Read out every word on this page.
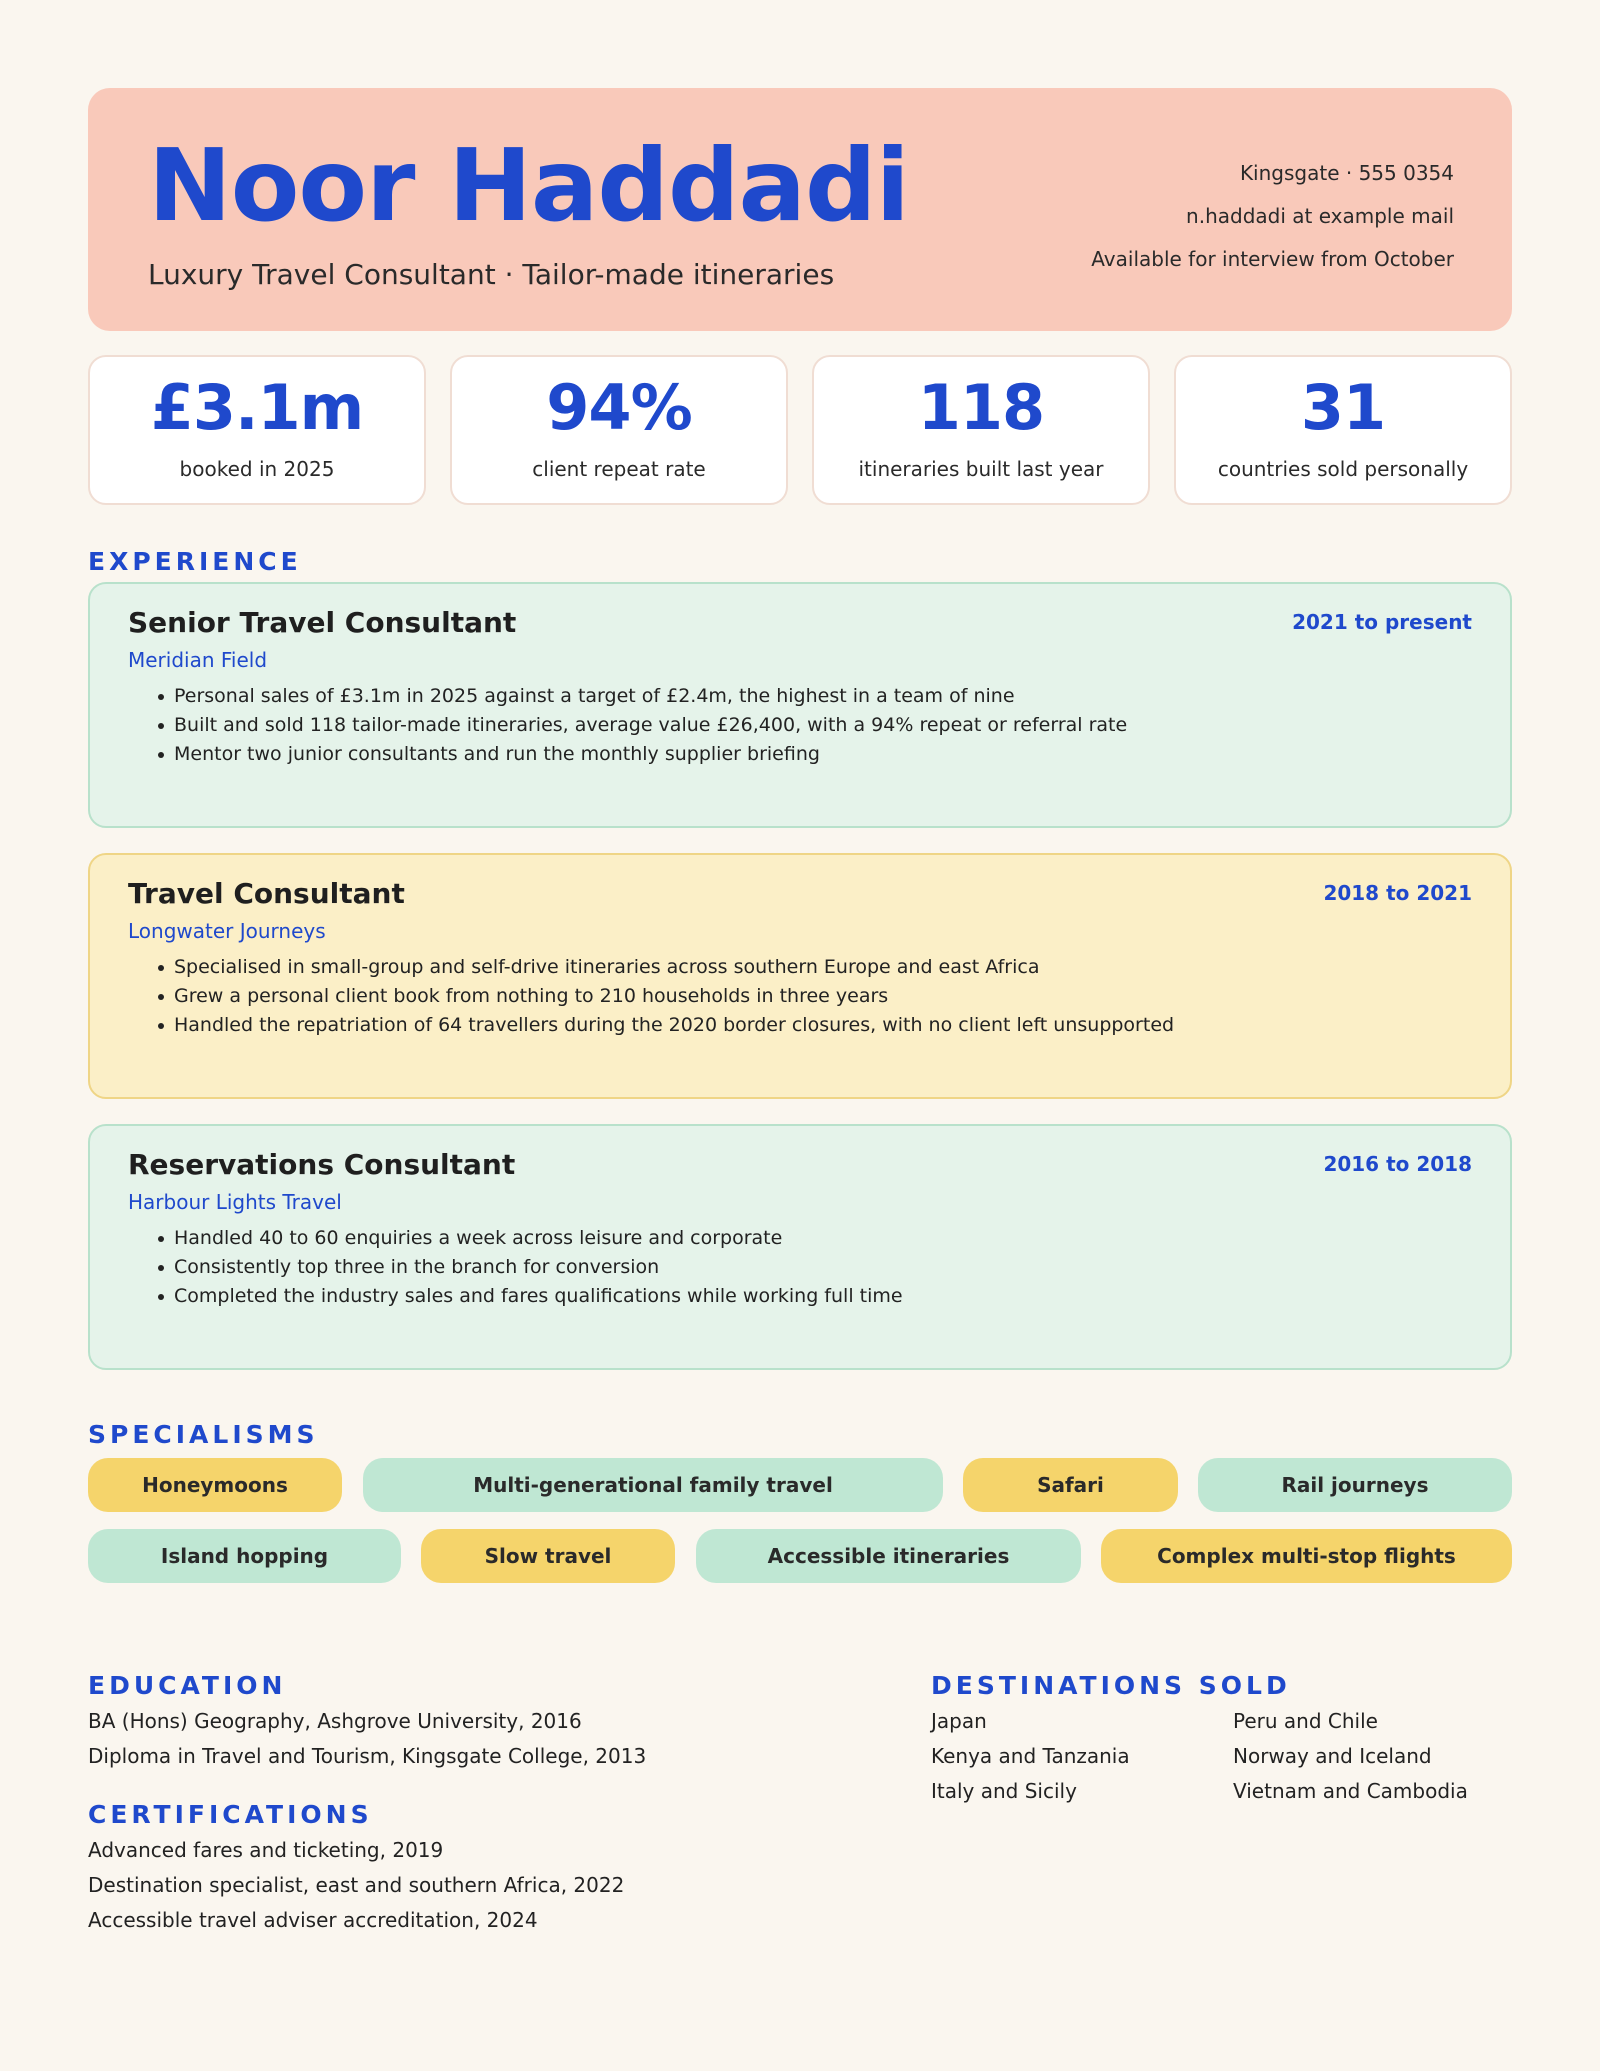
Noor Haddadi
Luxury Travel Consultant · Tailor-made itineraries
Kingsgate · 555 0354
n.haddadi at example mail
Available for interview from October
£3.1m
booked in 2025
94%
client repeat rate
118
itineraries built last year
31
countries sold personally
EXPERIENCE
Senior Travel Consultant	2021 to present
Meridian Field
Personal sales of £3.1m in 2025 against a target of £2.4m, the highest in a team of nine
Built and sold 118 tailor-made itineraries, average value £26,400, with a 94% repeat or referral rate
Mentor two junior consultants and run the monthly supplier briefing
Travel Consultant	2018 to 2021
Longwater Journeys
Specialised in small-group and self-drive itineraries across southern Europe and east Africa
Grew a personal client book from nothing to 210 households in three years
Handled the repatriation of 64 travellers during the 2020 border closures, with no client left unsupported
Reservations Consultant	2016 to 2018
Harbour Lights Travel
Handled 40 to 60 enquiries a week across leisure and corporate
Consistently top three in the branch for conversion
Completed the industry sales and fares qualifications while working full time
SPECIALISMS
Honeymoons	Multi-generational family travel	Safari	Rail journeys
Island hopping	Slow travel	Accessible itineraries	Complex multi-stop flights
EDUCATION
BA (Hons) Geography, Ashgrove University, 2016
Diploma in Travel and Tourism, Kingsgate College, 2013
CERTIFICATIONS
Advanced fares and ticketing, 2019
Destination specialist, east and southern Africa, 2022
Accessible travel adviser accreditation, 2024
DESTINATIONS SOLD
Japan
Kenya and Tanzania
Italy and Sicily
Peru and Chile
Norway and Iceland
Vietnam and Cambodia
